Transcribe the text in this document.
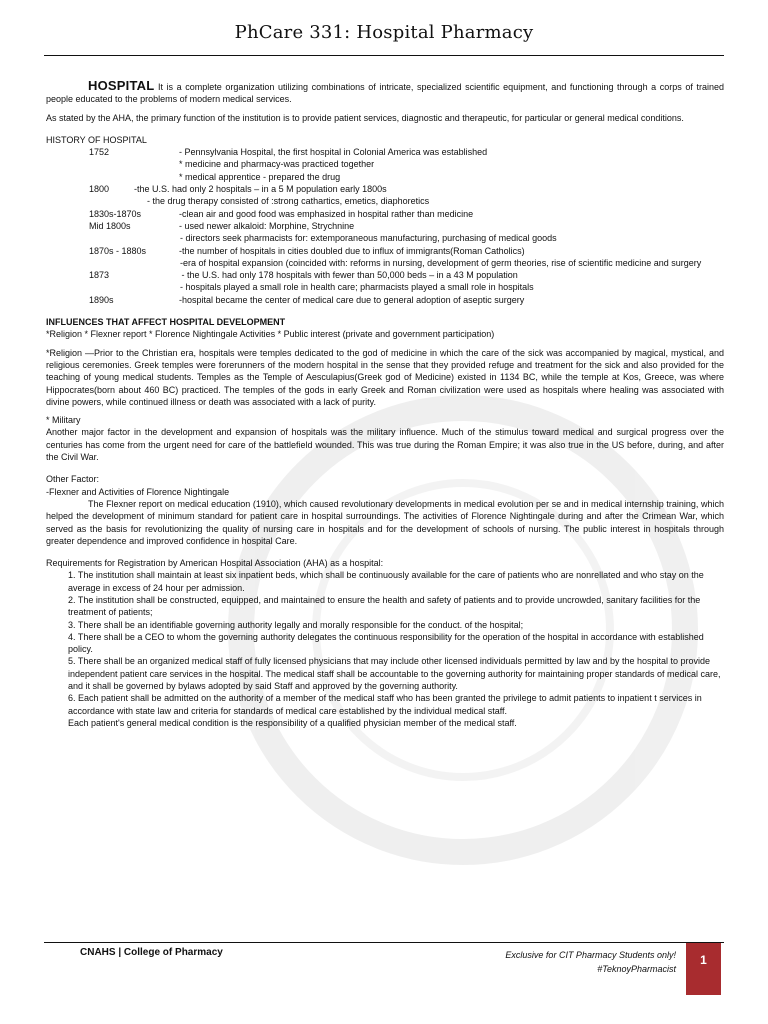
PhCare 331: Hospital Pharmacy

HOSPITAL It is a complete organization utilizing combinations of intricate, specialized scientific equipment, and functioning through a corps of trained people educated to the problems of modern medical services.

As stated by the AHA, the primary function of the institution is to provide patient services, diagnostic and therapeutic, for particular or general medical conditions.

HISTORY OF HOSPITAL

1752	- Pennsylvania Hospital, the first hospital in Colonial America was established

* medicine and pharmacy-was practiced together

* medical apprentice - prepared the drug

1800	-the U.S. had only 2 hospitals – in a 5 M population early 1800s

- the drug therapy consisted of :strong cathartics, emetics, diaphoretics

1830s-1870s	-clean air and good food was emphasized in hospital rather than medicine
Mid 1800s	- used newer alkaloid: Morphine, Strychnine

- directors seek pharmacists for: extemporaneous manufacturing, purchasing of medical goods

1870s - 1880s	-the number of hospitals in cities doubled due to influx of immigrants(Roman Catholics)

-era of hospital expansion (coincided with: reforms in nursing, development of germ theories, rise of scientific medicine and surgery

1873	- the U.S. had only 178 hospitals with fewer than 50,000 beds – in a 43 M population

- hospitals played a small role in health care; pharmacists played a small role in hospitals

1890s	-hospital became the center of medical care due to general adoption of aseptic surgery

INFLUENCES THAT AFFECT HOSPITAL DEVELOPMENT

*Religion * Flexner report * Florence Nightingale Activities * Public interest (private and government participation)

*Religion —Prior to the Christian era, hospitals were temples dedicated to the god of medicine in which the care of the sick was accompanied by magical, mystical, and religious ceremonies. Greek temples were forerunners of the modern hospital in the sense that they provided refuge and treatment for the sick and also provided for the teaching of young medical students. Temples as the Temple of Aesculapius(Greek god of Medicine) existed in 1134 BC, while the temple at Kos, Greece, was where Hippocrates(born about 460 BC) practiced. The temples of the gods in early Greek and Roman civilization were used as hospitals where healing was associated with divine powers, while continued illness or death was associated with a lack of purity.

* Military

Another major factor in the development and expansion of hospitals was the military influence. Much of the stimulus toward medical and surgical progress over the centuries has come from the urgent need for care of the battlefield wounded. This was true during the Roman Empire; it was also true in the US before, during, and after the Civil War.

Other Factor:

-Flexner and Activities of Florence Nightingale

The Flexner report on medical education (1910), which caused revolutionary developments in medical evolution per se and in medical internship training, which helped the development of minimum standard for patient care in hospital surroundings. The activities of Florence Nightingale during and after the Crimean War, which served as the basis for revolutionizing the quality of nursing care in hospitals and for the development of schools of nursing. The public interest in hospitals through greater dependence and improved confidence in hospital Care.

Requirements for Registration by American Hospital Association (AHA) as a hospital:

1. The institution shall maintain at least six inpatient beds, which shall be continuously available for the care of patients who are nonrellated and who stay on the average in excess of 24 hour per admission.

2. The institution shall be constructed, equipped, and maintained to ensure the health and safety of patients and to provide uncrowded, sanitary facilities for the treatment of patients;

3. There shall be an identifiable governing authority legally and morally responsible for the conduct. of the hospital;

4. There shall be a CEO to whom the governing authority delegates the continuous responsibility for the operation of the hospital in accordance with established policy.

5. There shall be an organized medical staff of fully licensed physicians that may include other licensed individuals permitted by law and by the hospital to provide independent patient care services in the hospital. The medical staff shall be accountable to the governing authority for maintaining proper standards of medical care, and it shall be governed by bylaws adopted by said Staff and approved by the governing authority.

6. Each patient shall be admitted on the authority of a member of the medical staff who has been granted the privilege to admit patients to inpatient t services in accordance with state law and criteria for standards of medical care established by the individual medical staff.

Each patient's general medical condition is the responsibility of a qualified physician member of the medical staff.

CNAHS | College of Pharmacy	Exclusive for CIT Pharmacy Students only!
#TeknoyPharmacist
1
